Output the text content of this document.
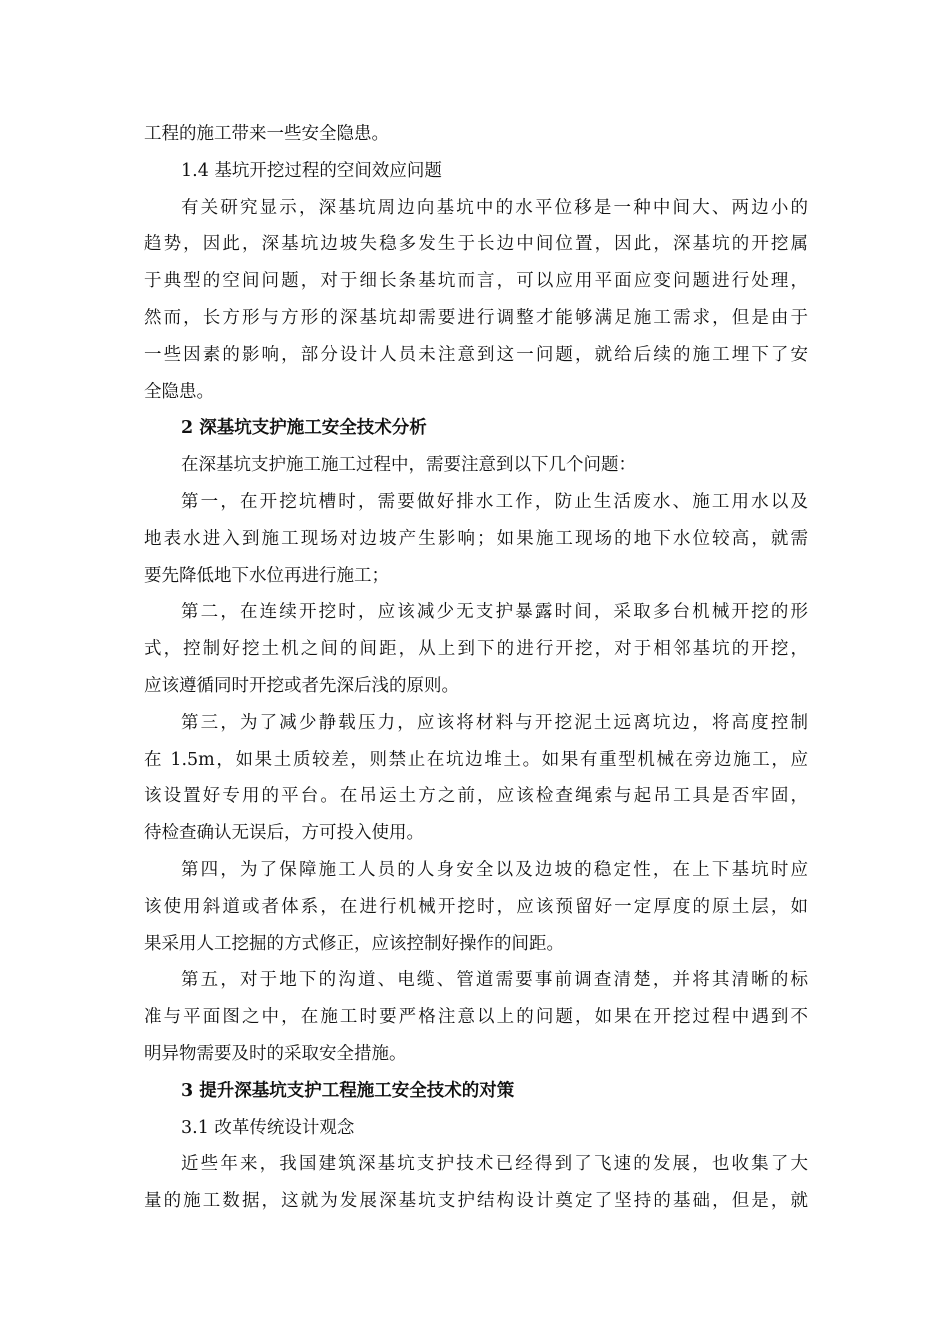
工程的施工带来一些安全隐患。
1.4 基坑开挖过程的空间效应问题
有关研究显示，深基坑周边向基坑中的水平位移是一种中间大、两边小的
趋势，因此，深基坑边坡失稳多发生于长边中间位置，因此，深基坑的开挖属
于典型的空间问题，对于细长条基坑而言，可以应用平面应变问题进行处理，
然而，长方形与方形的深基坑却需要进行调整才能够满足施工需求，但是由于
一些因素的影响，部分设计人员未注意到这一问题，就给后续的施工埋下了安
全隐患。
2 深基坑支护施工安全技术分析
在深基坑支护施工施工过程中，需要注意到以下几个问题：
第一，在开挖坑槽时，需要做好排水工作，防止生活废水、施工用水以及
地表水进入到施工现场对边坡产生影响；如果施工现场的地下水位较高，就需
要先降低地下水位再进行施工；
第二，在连续开挖时，应该减少无支护暴露时间，采取多台机械开挖的形
式，控制好挖土机之间的间距，从上到下的进行开挖，对于相邻基坑的开挖，
应该遵循同时开挖或者先深后浅的原则。
第三，为了减少静载压力，应该将材料与开挖泥土远离坑边，将高度控制
在 1.5m，如果土质较差，则禁止在坑边堆土。如果有重型机械在旁边施工，应
该设置好专用的平台。在吊运土方之前，应该检查绳索与起吊工具是否牢固，
待检查确认无误后，方可投入使用。
第四，为了保障施工人员的人身安全以及边坡的稳定性，在上下基坑时应
该使用斜道或者体系，在进行机械开挖时，应该预留好一定厚度的原土层，如
果采用人工挖掘的方式修正，应该控制好操作的间距。
第五，对于地下的沟道、电缆、管道需要事前调查清楚，并将其清晰的标
准与平面图之中，在施工时要严格注意以上的问题，如果在开挖过程中遇到不
明异物需要及时的采取安全措施。
3 提升深基坑支护工程施工安全技术的对策
3.1 改革传统设计观念
近些年来，我国建筑深基坑支护技术已经得到了飞速的发展，也收集了大
量的施工数据，这就为发展深基坑支护结构设计奠定了坚持的基础，但是，就
